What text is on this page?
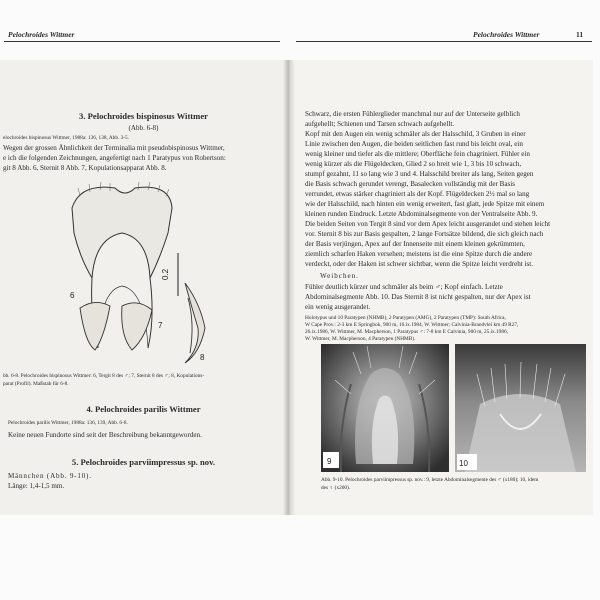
Pelochroides Wittmer
3. Pelochroides bispinosus Wittmer
(Abb. 6-8)
elochroides bispinosus Wittmer, 1988a: 136, 138, Abb. 3-5.
Wegen der grossen Ähnlichkeit der Terminalia mit pseudobispinosus Wittmer,
e ich die folgenden Zeichnungen, angefertigt nach 1 Paratypus von Robertson:
git 8 Abb. 6, Sternit 8 Abb. 7, Kopulationsapparat Abb. 8.
0.2
6
7
8
bb. 6-8. Pelochroides bispinosus Wittmer: 6, Tergit 8 des ♂; 7, Sternit 8 des ♂; 8, Kopulations-
parat (Profil). Maßstab für 6-8.
4. Pelochroides parilis Wittmer
Pelochroides parilis Wittmer, 1988a: 136, 139, Abb. 6-8.
Keine neuen Fundorte sind seit der Beschreibung bekanntgeworden.
5. Pelochroides parviimpressus sp. nov.
Männchen (Abb. 9-10).
Länge: 1,4-1,5 mm.
Pelochroides Wittmer	11
Schwarz, die ersten Fühlerglieder manchmal nur auf der Unterseite gelblich
aufgehellt; Schienen und Tarsen schwach aufgehellt.
Kopf mit den Augen ein wenig schmäler als der Halsschild, 3 Gruben in einer
Linie zwischen den Augen, die beiden seitlichen fast rund bis leicht oval, ein
wenig kleiner und tiefer als die mittlere; Oberfläche fein chagriniert. Fühler ein
wenig kürzer als die Flügeldecken, Glied 2 so breit wie 1, 3 bis 10 schwach,
stumpf gezahnt, 11 so lang wie 3 und 4. Halsschild breiter als lang, Seiten gegen
die Basis schwach gerundet verengt, Basalecken vollständig mit der Basis
verrundet, etwas stärker chagriniert als der Kopf. Flügeldecken 2½ mal so lang
wie der Halsschild, nach hinten ein wenig erweitert, fast glatt, jede Spitze mit einem
kleinen runden Eindruck. Letzte Abdominalsegmente von der Ventralseite Abb. 9.
Die beiden Seiten von Tergit 8 sind vor dem Apex leicht ausgerandet und stehen leicht
vor. Sternit 8 bis zur Basis gespalten, 2 lange Fortsätze bildend, die sich gleich nach
der Basis verjüngen, Apex auf der Innenseite mit einem kleinen gekrümmten,
ziemlich scharfen Haken versehen; meistens ist die eine Spitze durch die andere
verdeckt, oder der Haken ist schwer sichtbar, wenn die Spitze leicht verdreht ist.
Weibchen.
Fühler deutlich kürzer und schmäler als beim ♂; Kopf einfach. Letzte
Abdominalsegmente Abb. 10. Das Sternit 8 ist nicht gespalten, nur der Apex ist
ein wenig ausgerandet.
Holotypus und 10 Paratypen (NHMB), 2 Paratypen (AMG), 2 Paratypen (TMP): South Africa,
W Cape Prov.: 2-3 km E Springbok, 900 m, 16.ix.1984, W. Wittmer; Calvinia-Brandvlei km 49 R27,
26.ix.1986, W. Wittmer, M. Macpherson, 1 Paratypus ♂: 7-8 km E Calvinia, 900 m, 25.ix.1986,
W. Wittmer, M. Macpherson, 4 Paratypen (NHMB).
9	10
Abb. 9-10. Pelochroides parviimpressus sp. nov.: 9, letzte Abdominalsegmente des ♂ (x180); 10, idem
des ♀ (x200).
